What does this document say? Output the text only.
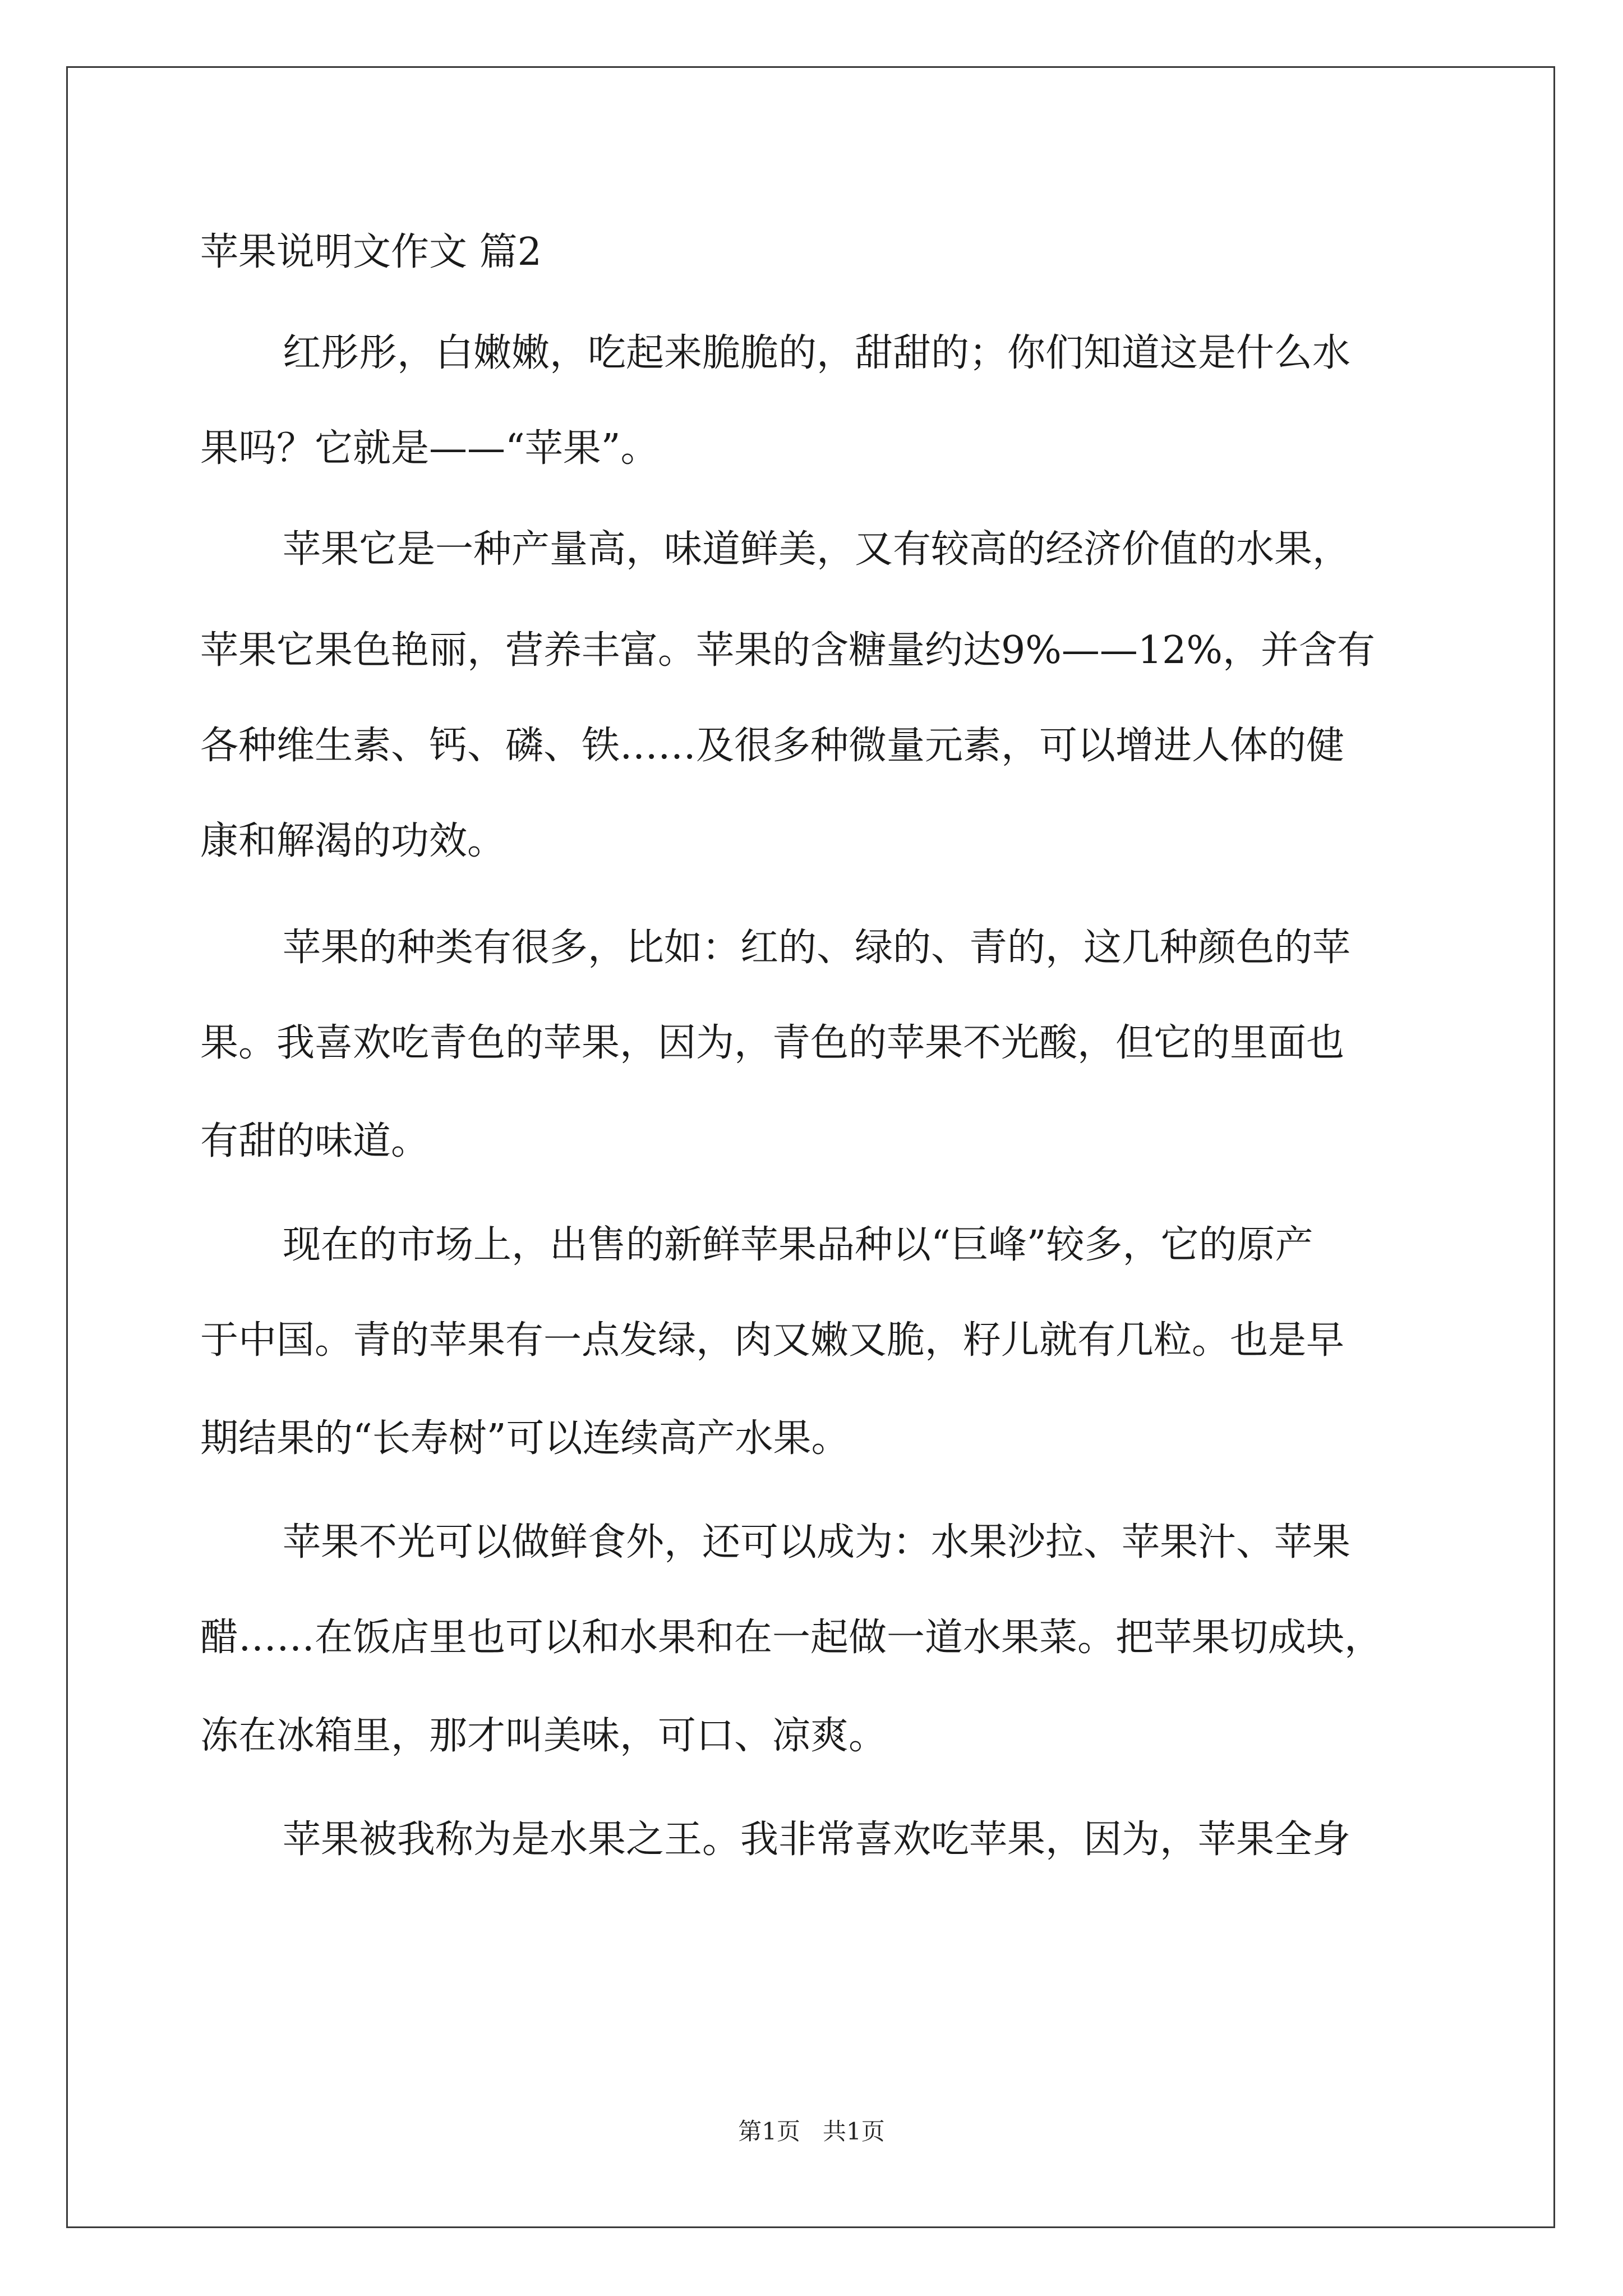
苹果说明文作文 篇2
红彤彤，白嫩嫩，吃起来脆脆的，甜甜的；你们知道这是什么水
果吗？它就是——“苹果”。
苹果它是一种产量高，味道鲜美，又有较高的经济价值的水果，
苹果它果色艳丽，营养丰富。苹果的含糖量约达9%——12%，并含有
各种维生素、钙、磷、铁……及很多种微量元素，可以增进人体的健
康和解渴的功效。
苹果的种类有很多，比如：红的、绿的、青的，这几种颜色的苹
果。我喜欢吃青色的苹果，因为，青色的苹果不光酸，但它的里面也
有甜的味道。
现在的市场上，出售的新鲜苹果品种以“巨峰”较多，它的原产
于中国。青的苹果有一点发绿，肉又嫩又脆，籽儿就有几粒。也是早
期结果的“长寿树”可以连续高产水果。
苹果不光可以做鲜食外，还可以成为：水果沙拉、苹果汁、苹果
醋……在饭店里也可以和水果和在一起做一道水果菜。把苹果切成块，
冻在冰箱里，那才叫美味，可口、凉爽。
苹果被我称为是水果之王。我非常喜欢吃苹果，因为，苹果全身
第1页   共1页
